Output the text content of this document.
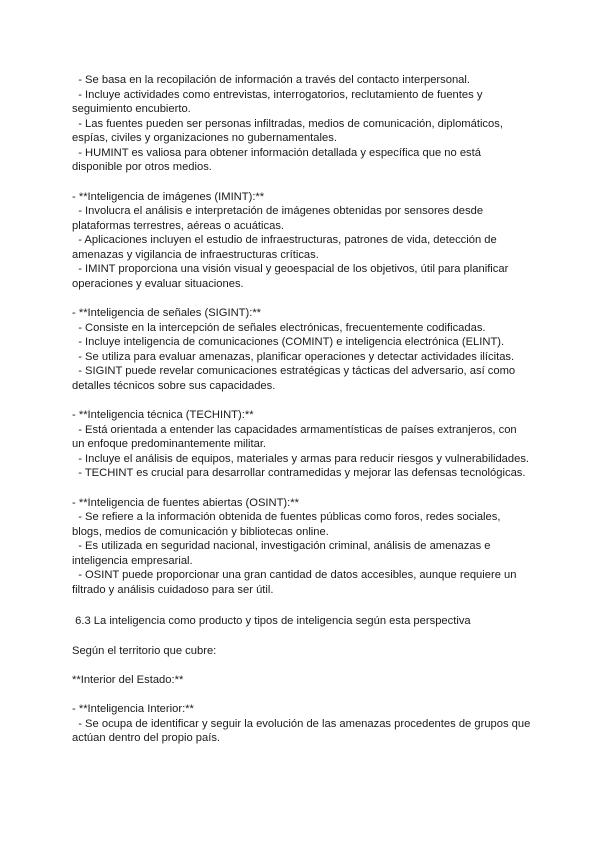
- Se basa en la recopilación de información a través del contacto interpersonal.
- Incluye actividades como entrevistas, interrogatorios, reclutamiento de fuentes y
seguimiento encubierto.
- Las fuentes pueden ser personas infiltradas, medios de comunicación, diplomáticos,
espías, civiles y organizaciones no gubernamentales.
- HUMINT es valiosa para obtener información detallada y específica que no está
disponible por otros medios.
- **Inteligencia de imágenes (IMINT):**
- Involucra el análisis e interpretación de imágenes obtenidas por sensores desde
plataformas terrestres, aéreas o acuáticas.
- Aplicaciones incluyen el estudio de infraestructuras, patrones de vida, detección de
amenazas y vigilancia de infraestructuras críticas.
- IMINT proporciona una visión visual y geoespacial de los objetivos, útil para planificar
operaciones y evaluar situaciones.
- **Inteligencia de señales (SIGINT):**
- Consiste en la intercepción de señales electrónicas, frecuentemente codificadas.
- Incluye inteligencia de comunicaciones (COMINT) e inteligencia electrónica (ELINT).
- Se utiliza para evaluar amenazas, planificar operaciones y detectar actividades ilícitas.
- SIGINT puede revelar comunicaciones estratégicas y tácticas del adversario, así como
detalles técnicos sobre sus capacidades.
- **Inteligencia técnica (TECHINT):**
- Está orientada a entender las capacidades armamentísticas de países extranjeros, con
un enfoque predominantemente militar.
- Incluye el análisis de equipos, materiales y armas para reducir riesgos y vulnerabilidades.
- TECHINT es crucial para desarrollar contramedidas y mejorar las defensas tecnológicas.
- **Inteligencia de fuentes abiertas (OSINT):**
- Se refiere a la información obtenida de fuentes públicas como foros, redes sociales,
blogs, medios de comunicación y bibliotecas online.
- Es utilizada en seguridad nacional, investigación criminal, análisis de amenazas e
inteligencia empresarial.
- OSINT puede proporcionar una gran cantidad de datos accesibles, aunque requiere un
filtrado y análisis cuidadoso para ser útil.
6.3 La inteligencia como producto y tipos de inteligencia según esta perspectiva
Según el territorio que cubre:
**Interior del Estado:**
- **Inteligencia Interior:**
- Se ocupa de identificar y seguir la evolución de las amenazas procedentes de grupos que
actúan dentro del propio país.
